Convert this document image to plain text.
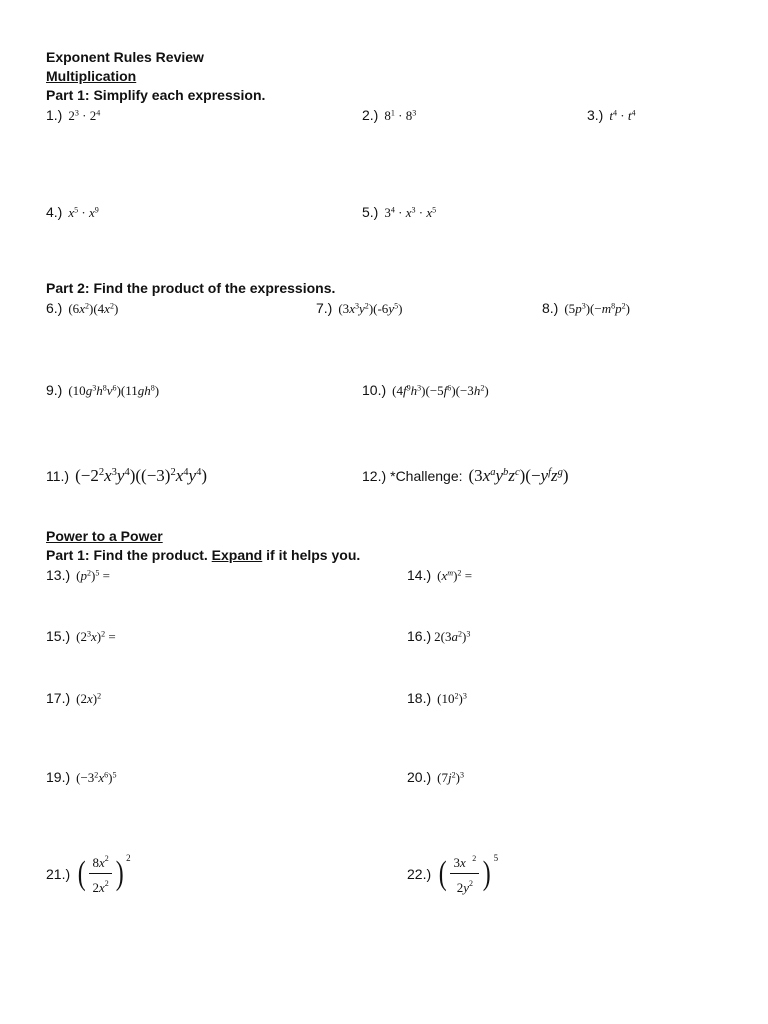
Exponent Rules Review
Multiplication
Part 1: Simplify each expression.
1.) $2^3 \cdot 2^4$	2.) $8^1 \cdot 8^3$	3.) $t^4 \cdot t^4$
4.) $x^5 \cdot x^9$	5.) $3^4 \cdot x^3 \cdot x^5$
Part 2: Find the product of the expressions.
6.) $(6x^2)(4x^2)$	7.) $(3x^3y^2)(-6y^5)$	8.) $(5p^3)(-m^8p^2)$
9.) $(10g^3h^8v^6)(11gh^8)$	10.) $(4f^9h^3)(-5f^6)(-3h^2)$
11.) $(-2^2x^3y^4)((-3)^2x^4y^4)$	12.) *Challenge: $(3x^ay^bz^c)(-y^fz^g)$
Power to a Power
Part 1: Find the product. Expand if it helps you.
13.) $(p^2)^5$ =	14.) $(x^m)^2$ =
15.) $(2^3x)^2$ =	16.) $2(3a^2)^3$
17.) $(2x)^2$	18.) $(10^2)^3$
19.) $(-3^2x^6)^5$	20.) $(7j^2)^3$
21.) ( $\frac{8x^2}{2x^2}$ ) 2
22.) ( $\frac{3x ^2}{2y^2}$ ) 5
